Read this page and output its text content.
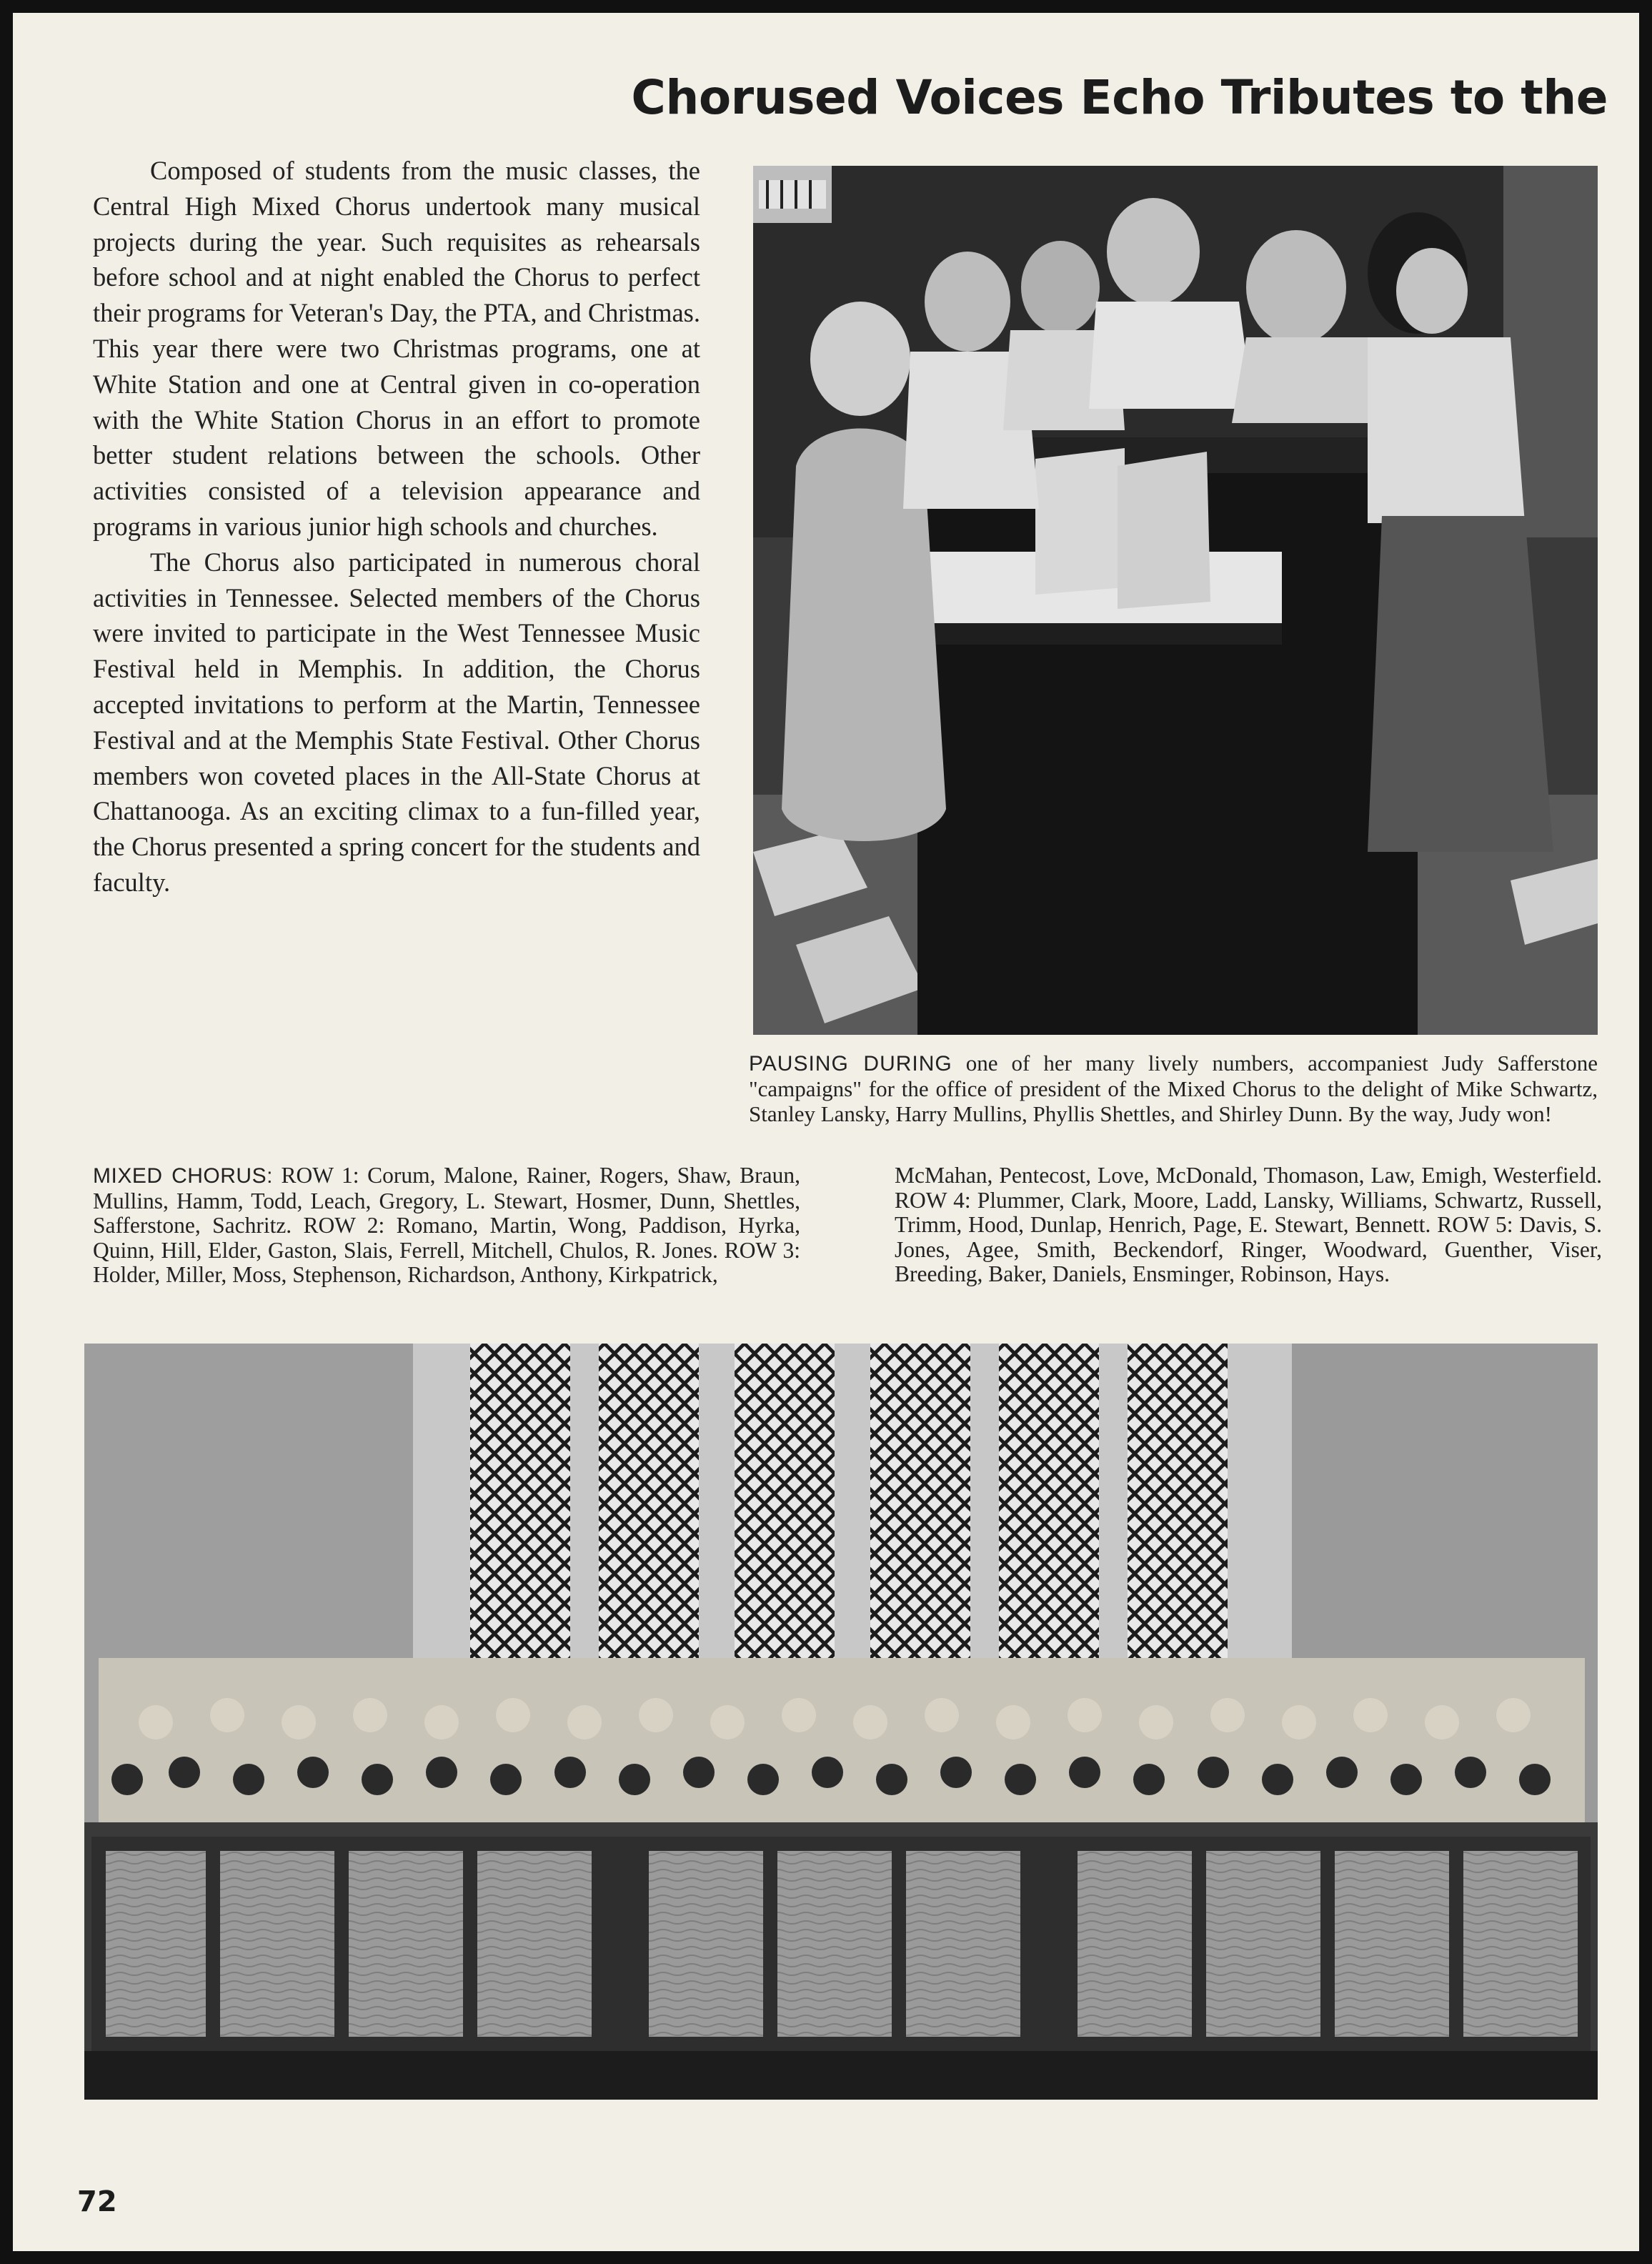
Chorused Voices Echo Tributes to the

Composed of students from the music classes, the Central High Mixed Chorus undertook many musical projects during the year. Such requisites as rehearsals before school and at night enabled the Chorus to perfect their programs for Veteran's Day, the PTA, and Christmas. This year there were two Christmas programs, one at White Station and one at Central given in co-operation with the White Station Chorus in an effort to promote better student relations between the schools. Other activities consisted of a television appearance and programs in various junior high schools and churches.

The Chorus also participated in numerous choral activities in Tennessee. Selected members of the Chorus were invited to participate in the West Tennessee Music Festival held in Memphis. In addition, the Chorus accepted invitations to perform at the Martin, Tennessee Festival and at the Memphis State Festival. Other Chorus members won coveted places in the All-State Chorus at Chattanooga. As an exciting climax to a fun-filled year, the Chorus presented a spring concert for the students and faculty.

PAUSING DURING one of her many lively numbers, accompaniest Judy Safferstone "campaigns" for the office of president of the Mixed Chorus to the delight of Mike Schwartz, Stanley Lansky, Harry Mullins, Phyllis Shettles, and Shirley Dunn. By the way, Judy won!
MIXED CHORUS: ROW 1: Corum, Malone, Rainer, Rogers, Shaw, Braun, Mullins, Hamm, Todd, Leach, Gregory, L. Stewart, Hosmer, Dunn, Shettles, Safferstone, Sachritz. ROW 2: Romano, Martin, Wong, Paddison, Hyrka, Quinn, Hill, Elder, Gaston, Slais, Ferrell, Mitchell, Chulos, R. Jones. ROW 3: Holder, Miller, Moss, Stephenson, Richardson, Anthony, Kirkpatrick,
McMahan, Pentecost, Love, McDonald, Thomason, Law, Emigh, Westerfield. ROW 4: Plummer, Clark, Moore, Ladd, Lansky, Williams, Schwartz, Russell, Trimm, Hood, Dunlap, Henrich, Page, E. Stewart, Bennett. ROW 5: Davis, S. Jones, Agee, Smith, Beckendorf, Ringer, Woodward, Guenther, Viser, Breeding, Baker, Daniels, Ensminger, Robinson, Hays.

72
